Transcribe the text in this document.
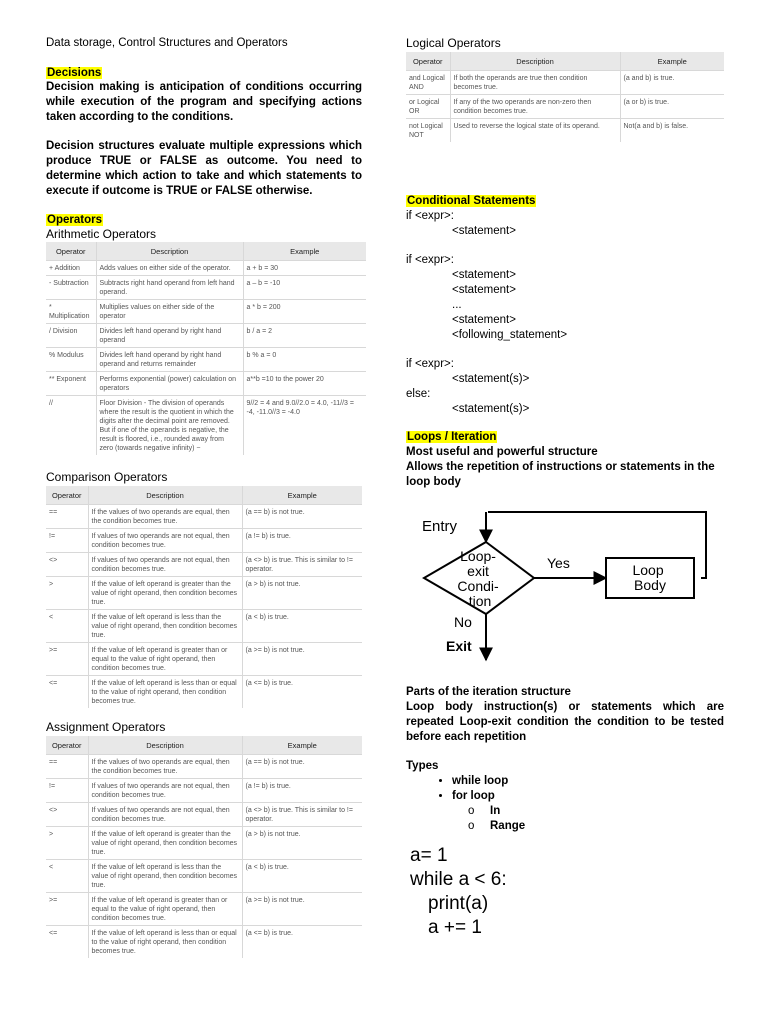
Data storage, Control Structures and Operators
Decisions
Decision making is anticipation of conditions occurring while execution of the program and specifying actions taken according to the conditions.
Decision structures evaluate multiple expressions which produce TRUE or FALSE as outcome. You need to determine which action to take and which statements to execute if outcome is TRUE or FALSE otherwise.
Operators
Arithmetic Operators
Operator	Description	Example
+ Addition	Adds values on either side of the operator.	a + b = 30
- Subtraction	Subtracts right hand operand from left hand operand.	a – b = -10
* Multiplication	Multiplies values on either side of the operator	a * b = 200
/ Division	Divides left hand operand by right hand operand	b / a = 2
% Modulus	Divides left hand operand by right hand operand and returns remainder	b % a = 0
** Exponent	Performs exponential (power) calculation on operators	a**b =10 to the power 20
//	Floor Division - The division of operands where the result is the quotient in which the digits after the decimal point are removed. But if one of the operands is negative, the result is floored, i.e., rounded away from zero (towards negative infinity) −	9//2 = 4 and 9.0//2.0 = 4.0, -11//3 = -4, -11.0//3 = -4.0
Comparison Operators
Operator	Description	Example
==	If the values of two operands are equal, then the condition becomes true.	(a == b) is not true.
!=	If values of two operands are not equal, then condition becomes true.	(a != b) is true.
<>	If values of two operands are not equal, then condition becomes true.	(a <> b) is true. This is similar to != operator.
>	If the value of left operand is greater than the value of right operand, then condition becomes true.	(a > b) is not true.
<	If the value of left operand is less than the value of right operand, then condition becomes true.	(a < b) is true.
>=	If the value of left operand is greater than or equal to the value of right operand, then condition becomes true.	(a >= b) is not true.
<=	If the value of left operand is less than or equal to the value of right operand, then condition becomes true.	(a <= b) is true.
Assignment Operators
Operator	Description	Example
==	If the values of two operands are equal, then the condition becomes true.	(a == b) is not true.
!=	If values of two operands are not equal, then condition becomes true.	(a != b) is true.
<>	If values of two operands are not equal, then condition becomes true.	(a <> b) is true. This is similar to != operator.
>	If the value of left operand is greater than the value of right operand, then condition becomes true.	(a > b) is not true.
<	If the value of left operand is less than the value of right operand, then condition becomes true.	(a < b) is true.
>=	If the value of left operand is greater than or equal to the value of right operand, then condition becomes true.	(a >= b) is not true.
<=	If the value of left operand is less than or equal to the value of right operand, then condition becomes true.	(a <= b) is true.
Logical Operators
Operator	Description	Example
and Logical AND	If both the operands are true then condition becomes true.	(a and b) is true.
or Logical OR	If any of the two operands are non-zero then condition becomes true.	(a or b) is true.
not Logical NOT	Used to reverse the logical state of its operand.	Not(a and b) is false.
Conditional Statements
if <expr>:
<statement>
if <expr>:
<statement>
<statement>
...
<statement>
<following_statement>
if <expr>:
<statement(s)>
else:
<statement(s)>
Loops / Iteration
Most useful and powerful structure
Allows the repetition of instructions or statements in the loop body
Entry
Loop- exit Condi- tion
Yes	Loop Body
No
Exit
Parts of the iteration structure
Loop body instruction(s) or statements which are repeated Loop-exit condition the condition to be tested before each repetition
Types
• while loop
• for loop
o In
o Range
a= 1
while a < 6:
print(a)
a += 1
